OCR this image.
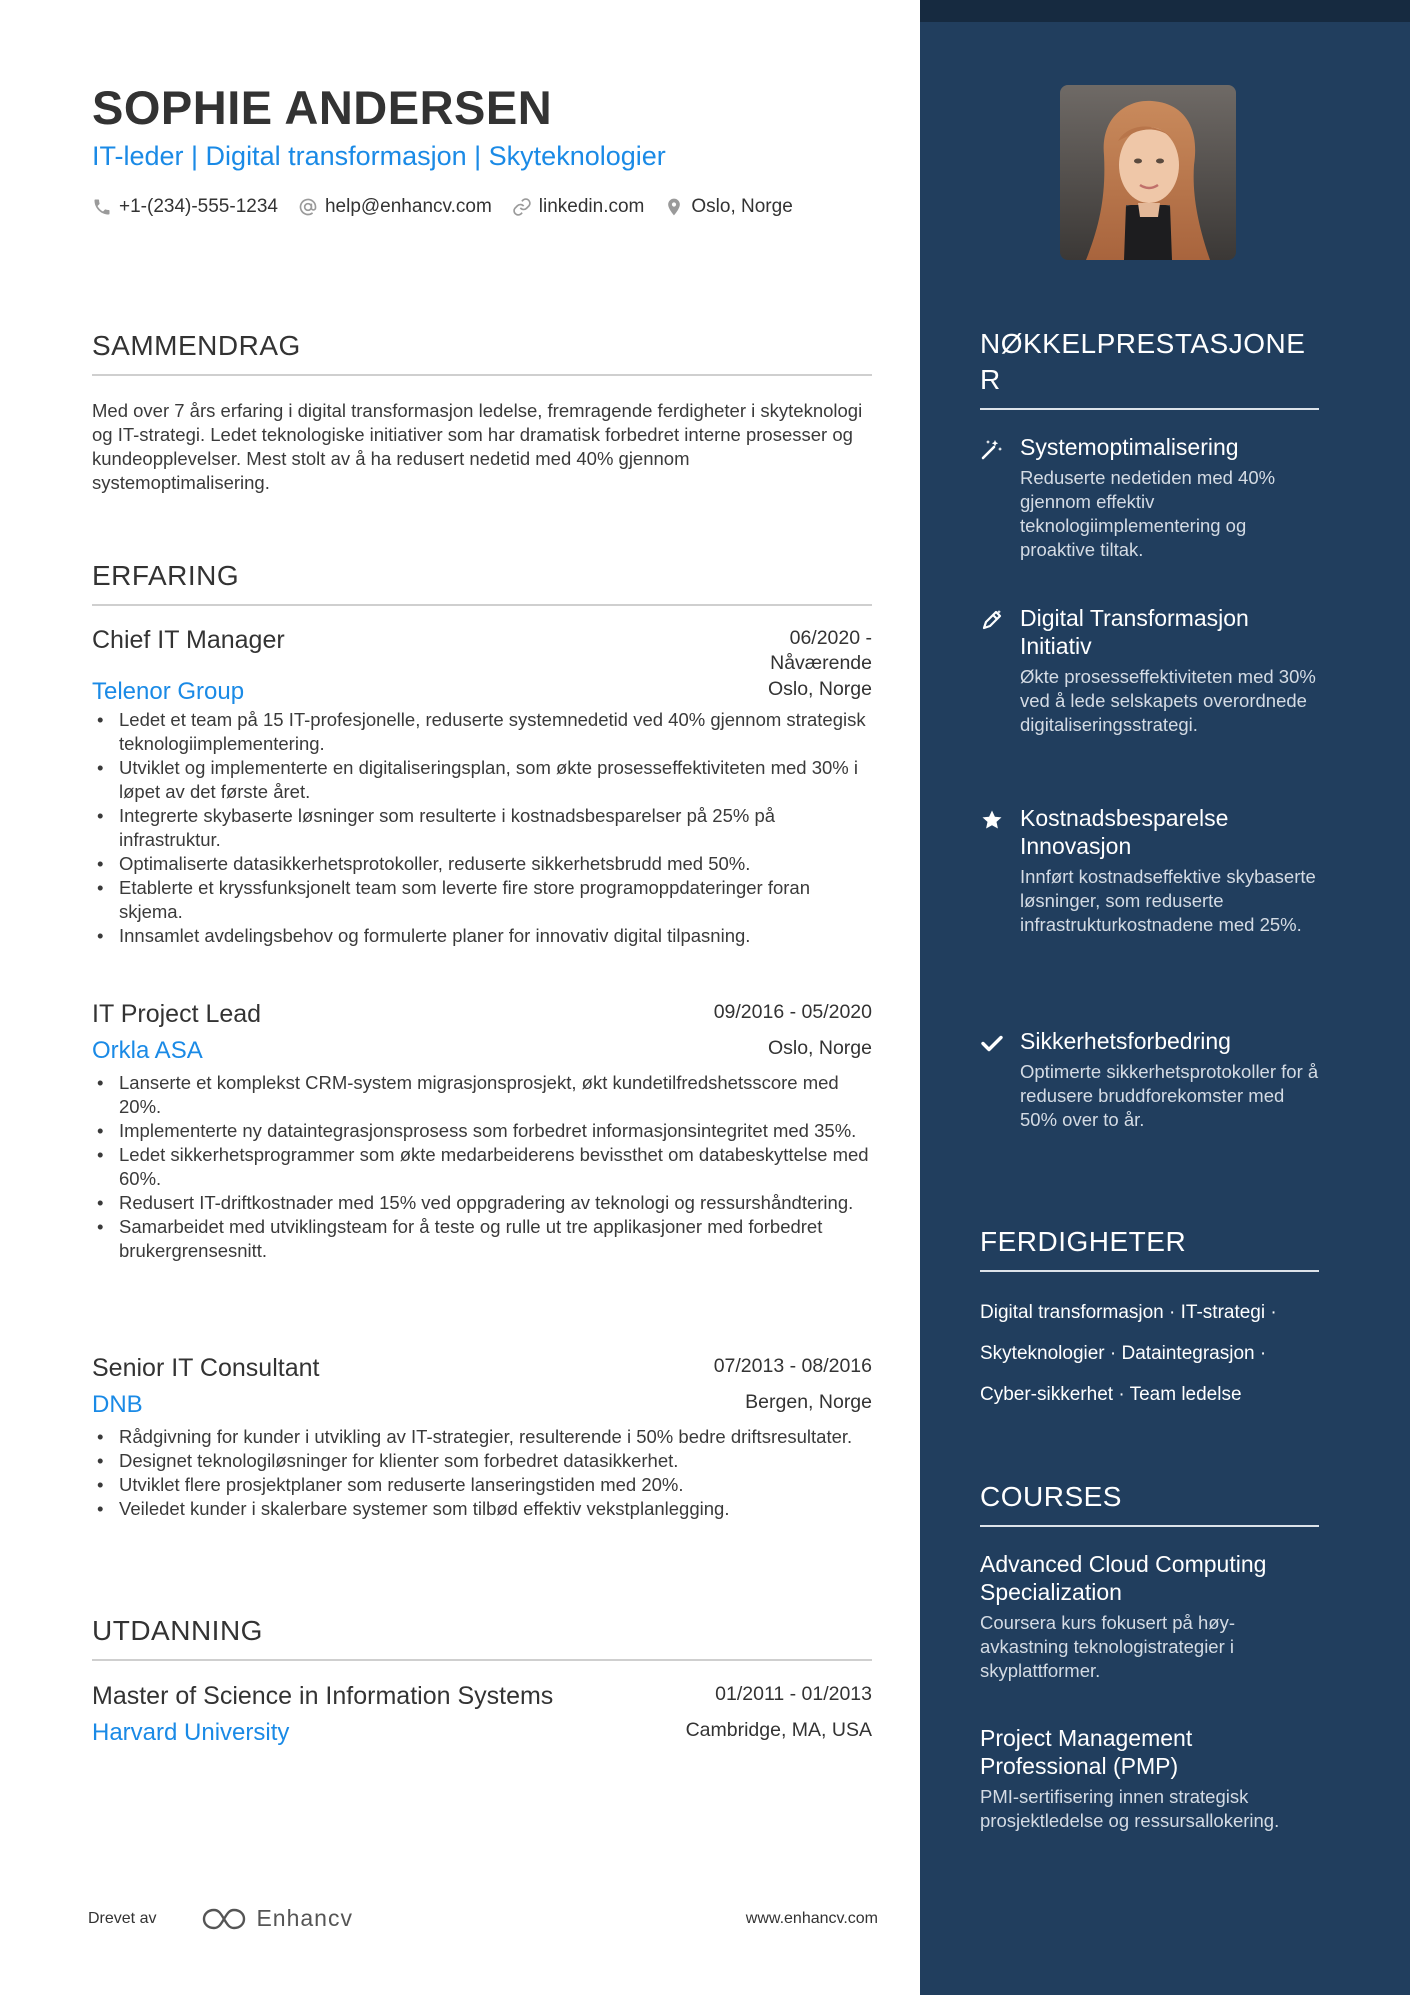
SOPHIE ANDERSEN
IT-leder | Digital transformasjon | Skyteknologier
+1-(234)-555-1234 help@enhancv.com linkedin.com Oslo, Norge
SAMMENDRAG
Med over 7 års erfaring i digital transformasjon ledelse, fremragende ferdigheter i skyteknologi og IT-strategi. Ledet teknologiske initiativer som har dramatisk forbedret interne prosesser og kundeopplevelser. Mest stolt av å ha redusert nedetid med 40% gjennom systemoptimalisering.
ERFARING
Chief IT Manager	06/2020 -
Nåværende
Telenor Group	Oslo, Norge
• Ledet et team på 15 IT-profesjonelle, reduserte systemnedetid ved 40% gjennom strategisk teknologiimplementering.
• Utviklet og implementerte en digitaliseringsplan, som økte prosesseffektiviteten med 30% i løpet av det første året.
• Integrerte skybaserte løsninger som resulterte i kostnadsbesparelser på 25% på infrastruktur.
• Optimaliserte datasikkerhetsprotokoller, reduserte sikkerhetsbrudd med 50%.
• Etablerte et kryssfunksjonelt team som leverte fire store programoppdateringer foran skjema.
• Innsamlet avdelingsbehov og formulerte planer for innovativ digital tilpasning.
IT Project Lead	09/2016 - 05/2020
Orkla ASA	Oslo, Norge
• Lanserte et komplekst CRM-system migrasjonsprosjekt, økt kundetilfredshetsscore med 20%.
• Implementerte ny dataintegrasjonsprosess som forbedret informasjonsintegritet med 35%.
• Ledet sikkerhetsprogrammer som økte medarbeiderens bevissthet om databeskyttelse med 60%.
• Redusert IT-driftkostnader med 15% ved oppgradering av teknologi og ressurshåndtering.
• Samarbeidet med utviklingsteam for å teste og rulle ut tre applikasjoner med forbedret brukergrensesnitt.
Senior IT Consultant	07/2013 - 08/2016
DNB	Bergen, Norge
• Rådgivning for kunder i utvikling av IT-strategier, resulterende i 50% bedre driftsresultater.
• Designet teknologiløsninger for klienter som forbedret datasikkerhet.
• Utviklet flere prosjektplaner som reduserte lanseringstiden med 20%.
• Veiledet kunder i skalerbare systemer som tilbød effektiv vekstplanlegging.
UTDANNING
Master of Science in Information Systems	01/2011 - 01/2013
Harvard University	Cambridge, MA, USA
Drevet av	Enhancv	www.enhancv.com
NØKKELPRESTASJONE
R
Systemoptimalisering
Reduserte nedetiden med 40% gjennom effektiv teknologiimplementering og proaktive tiltak.
Digital Transformasjon Initiativ
Økte prosesseffektiviteten med 30% ved å lede selskapets overordnede digitaliseringsstrategi.
Kostnadsbesparelse Innovasjon
Innført kostnadseffektive skybaserte løsninger, som reduserte infrastrukturkostnadene med 25%.
Sikkerhetsforbedring
Optimerte sikkerhetsprotokoller for å redusere bruddforekomster med 50% over to år.
FERDIGHETER
Digital transformasjon · IT-strategi ·
Skyteknologier · Dataintegrasjon ·
Cyber-sikkerhet · Team ledelse
COURSES
Advanced Cloud Computing Specialization
Coursera kurs fokusert på høy-avkastning teknologistrategier i skyplattformer.
Project Management Professional (PMP)
PMI-sertifisering innen strategisk prosjektledelse og ressursallokering.
